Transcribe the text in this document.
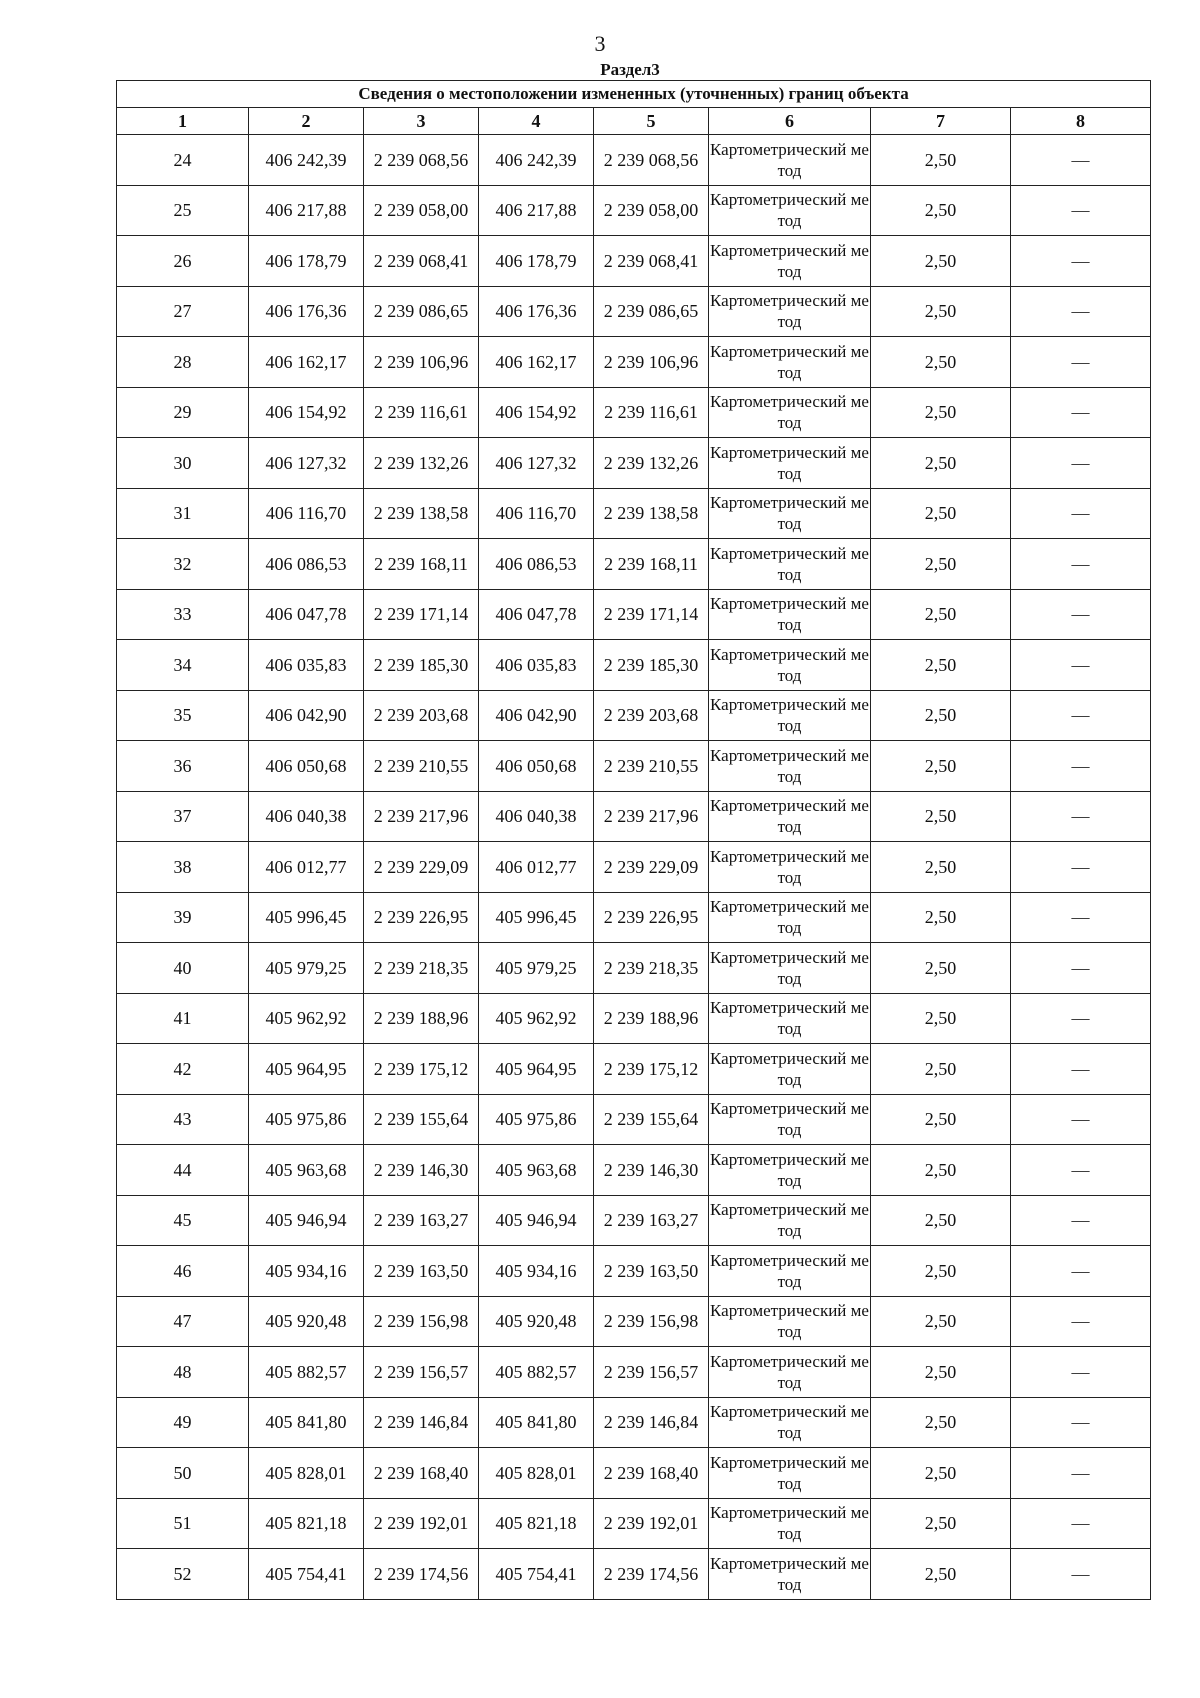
3
Раздел3
Сведения о местоположении измененных (уточненных) границ объекта							
1	2	3	4	5	6	7	8
24	406 242,39	2 239 068,56	406 242,39	2 239 068,56	Картометрический метод	2,50	—
25	406 217,88	2 239 058,00	406 217,88	2 239 058,00	Картометрический метод	2,50	—
26	406 178,79	2 239 068,41	406 178,79	2 239 068,41	Картометрический метод	2,50	—
27	406 176,36	2 239 086,65	406 176,36	2 239 086,65	Картометрический метод	2,50	—
28	406 162,17	2 239 106,96	406 162,17	2 239 106,96	Картометрический метод	2,50	—
29	406 154,92	2 239 116,61	406 154,92	2 239 116,61	Картометрический метод	2,50	—
30	406 127,32	2 239 132,26	406 127,32	2 239 132,26	Картометрический метод	2,50	—
31	406 116,70	2 239 138,58	406 116,70	2 239 138,58	Картометрический метод	2,50	—
32	406 086,53	2 239 168,11	406 086,53	2 239 168,11	Картометрический метод	2,50	—
33	406 047,78	2 239 171,14	406 047,78	2 239 171,14	Картометрический метод	2,50	—
34	406 035,83	2 239 185,30	406 035,83	2 239 185,30	Картометрический метод	2,50	—
35	406 042,90	2 239 203,68	406 042,90	2 239 203,68	Картометрический метод	2,50	—
36	406 050,68	2 239 210,55	406 050,68	2 239 210,55	Картометрический метод	2,50	—
37	406 040,38	2 239 217,96	406 040,38	2 239 217,96	Картометрический метод	2,50	—
38	406 012,77	2 239 229,09	406 012,77	2 239 229,09	Картометрический метод	2,50	—
39	405 996,45	2 239 226,95	405 996,45	2 239 226,95	Картометрический метод	2,50	—
40	405 979,25	2 239 218,35	405 979,25	2 239 218,35	Картометрический метод	2,50	—
41	405 962,92	2 239 188,96	405 962,92	2 239 188,96	Картометрический метод	2,50	—
42	405 964,95	2 239 175,12	405 964,95	2 239 175,12	Картометрический метод	2,50	—
43	405 975,86	2 239 155,64	405 975,86	2 239 155,64	Картометрический метод	2,50	—
44	405 963,68	2 239 146,30	405 963,68	2 239 146,30	Картометрический метод	2,50	—
45	405 946,94	2 239 163,27	405 946,94	2 239 163,27	Картометрический метод	2,50	—
46	405 934,16	2 239 163,50	405 934,16	2 239 163,50	Картометрический метод	2,50	—
47	405 920,48	2 239 156,98	405 920,48	2 239 156,98	Картометрический метод	2,50	—
48	405 882,57	2 239 156,57	405 882,57	2 239 156,57	Картометрический метод	2,50	—
49	405 841,80	2 239 146,84	405 841,80	2 239 146,84	Картометрический метод	2,50	—
50	405 828,01	2 239 168,40	405 828,01	2 239 168,40	Картометрический метод	2,50	—
51	405 821,18	2 239 192,01	405 821,18	2 239 192,01	Картометрический метод	2,50	—
52	405 754,41	2 239 174,56	405 754,41	2 239 174,56	Картометрический метод	2,50	—
